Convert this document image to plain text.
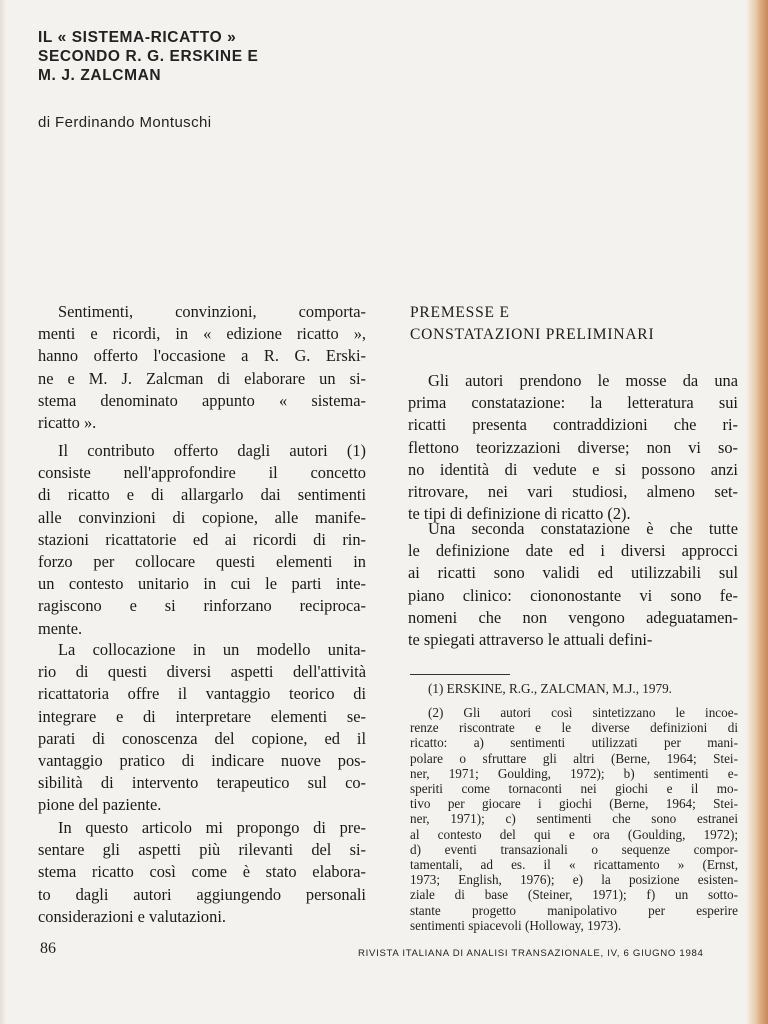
IL « SISTEMA-RICATTO »
SECONDO R. G. ERSKINE E
M. J. ZALCMAN
di Ferdinando Montuschi
Sentimenti, convinzioni, comporta-
menti e ricordi, in « edizione ricatto »,
hanno offerto l'occasione a R. G. Erski-
ne e M. J. Zalcman di elaborare un si-
stema denominato appunto « sistema-
ricatto ».
Il contributo offerto dagli autori (1)
consiste nell'approfondire il concetto
di ricatto e di allargarlo dai sentimenti
alle convinzioni di copione, alle manife-
stazioni ricattatorie ed ai ricordi di rin-
forzo per collocare questi elementi in
un contesto unitario in cui le parti inte-
ragiscono e si rinforzano reciproca-
mente.
La collocazione in un modello unita-
rio di questi diversi aspetti dell'attività
ricattatoria offre il vantaggio teorico di
integrare e di interpretare elementi se-
parati di conoscenza del copione, ed il
vantaggio pratico di indicare nuove pos-
sibilità di intervento terapeutico sul co-
pione del paziente.
In questo articolo mi propongo di pre-
sentare gli aspetti più rilevanti del si-
stema ricatto così come è stato elabora-
to dagli autori aggiungendo personali
considerazioni e valutazioni.
PREMESSE E
CONSTATAZIONI PRELIMINARI
Gli autori prendono le mosse da una
prima constatazione: la letteratura sui
ricatti presenta contraddizioni che ri-
flettono teorizzazioni diverse; non vi so-
no identità di vedute e si possono anzi
ritrovare, nei vari studiosi, almeno set-
te tipi di definizione di ricatto (2).
Una seconda constatazione è che tutte
le definizione date ed i diversi approcci
ai ricatti sono validi ed utilizzabili sul
piano clinico: ciononostante vi sono fe-
nomeni che non vengono adeguatamen-
te spiegati attraverso le attuali defini-
(1) ERSKINE, R.G., ZALCMAN, M.J., 1979.
(2) Gli autori così sintetizzano le incoe-
renze riscontrate e le diverse definizioni di
ricatto: a) sentimenti utilizzati per mani-
polare o sfruttare gli altri (Berne, 1964; Stei-
ner, 1971; Goulding, 1972); b) sentimenti e-
speriti come tornaconti nei giochi e il mo-
tivo per giocare i giochi (Berne, 1964; Stei-
ner, 1971); c) sentimenti che sono estranei
al contesto del qui e ora (Goulding, 1972);
d) eventi transazionali o sequenze compor-
tamentali, ad es. il « ricattamento » (Ernst,
1973; English, 1976); e) la posizione esisten-
ziale di base (Steiner, 1971); f) un sotto-
stante progetto manipolativo per esperire
sentimenti spiacevoli (Holloway, 1973).
86	RIVISTA ITALIANA DI ANALISI TRANSAZIONALE, IV, 6 GIUGNO 1984
